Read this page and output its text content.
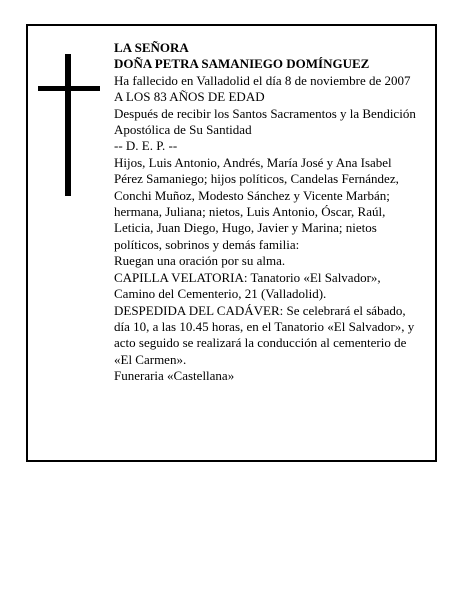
LA SEÑORA

DOÑA PETRA SAMANIEGO DOMÍNGUEZ

Ha fallecido en Valladolid el día 8 de noviembre de 2007

A LOS 83 AÑOS DE EDAD

Después de recibir los Santos Sacramentos y la Bendición Apostólica de Su Santidad

-- D. E. P. --

Hijos, Luis Antonio, Andrés, María José y Ana Isabel Pérez Samaniego; hijos políticos, Candelas Fernández, Conchi Muñoz, Modesto Sánchez y Vicente Marbán; hermana, Juliana; nietos, Luis Antonio, Óscar, Raúl, Leticia, Juan Diego, Hugo, Javier y Marina; nietos políticos, sobrinos y demás familia:

Ruegan una oración por su alma.

CAPILLA VELATORIA: Tanatorio «El Salvador», Camino del Cementerio, 21 (Valladolid).

DESPEDIDA DEL CADÁVER: Se celebrará el sábado, día 10, a las 10.45 horas, en el Tanatorio «El Salvador», y acto seguido se realizará la conducción al cementerio de «El Carmen».

Funeraria «Castellana»
